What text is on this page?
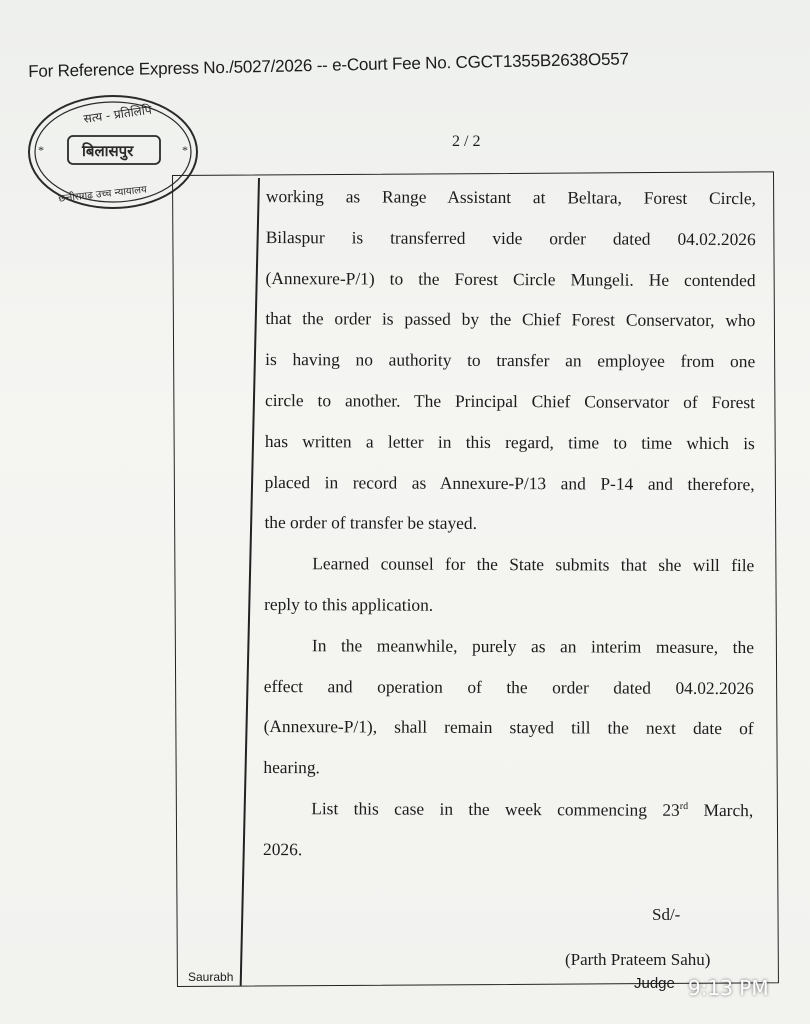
For Reference Express No./5027/2026 -- e-Court Fee No. CGCT1355B2638O557
सत्य - प्रतिलिपि
बिलासपुर
छत्तीसगढ़ उच्च न्यायालय
*	*	2 / 2
working as Range Assistant at Beltara, Forest Circle,
Bilaspur is transferred vide order dated 04.02.2026
(Annexure-P/1) to the Forest Circle Mungeli. He contended
that the order is passed by the Chief Forest Conservator, who
is having no authority to transfer an employee from one
circle to another. The Principal Chief Conservator of Forest
has written a letter in this regard, time to time which is
placed in record as Annexure-P/13 and P-14 and therefore,
the order of transfer be stayed.
Learned counsel for the State submits that she will file
reply to this application.
In the meanwhile, purely as an interim measure, the
effect and operation of the order dated 04.02.2026
(Annexure-P/1), shall remain stayed till the next date of
hearing.
List this case in the week commencing 23rd March,
2026.
Sd/-
(Parth Prateem Sahu)
Judge
Saurabh	9:13 PM
